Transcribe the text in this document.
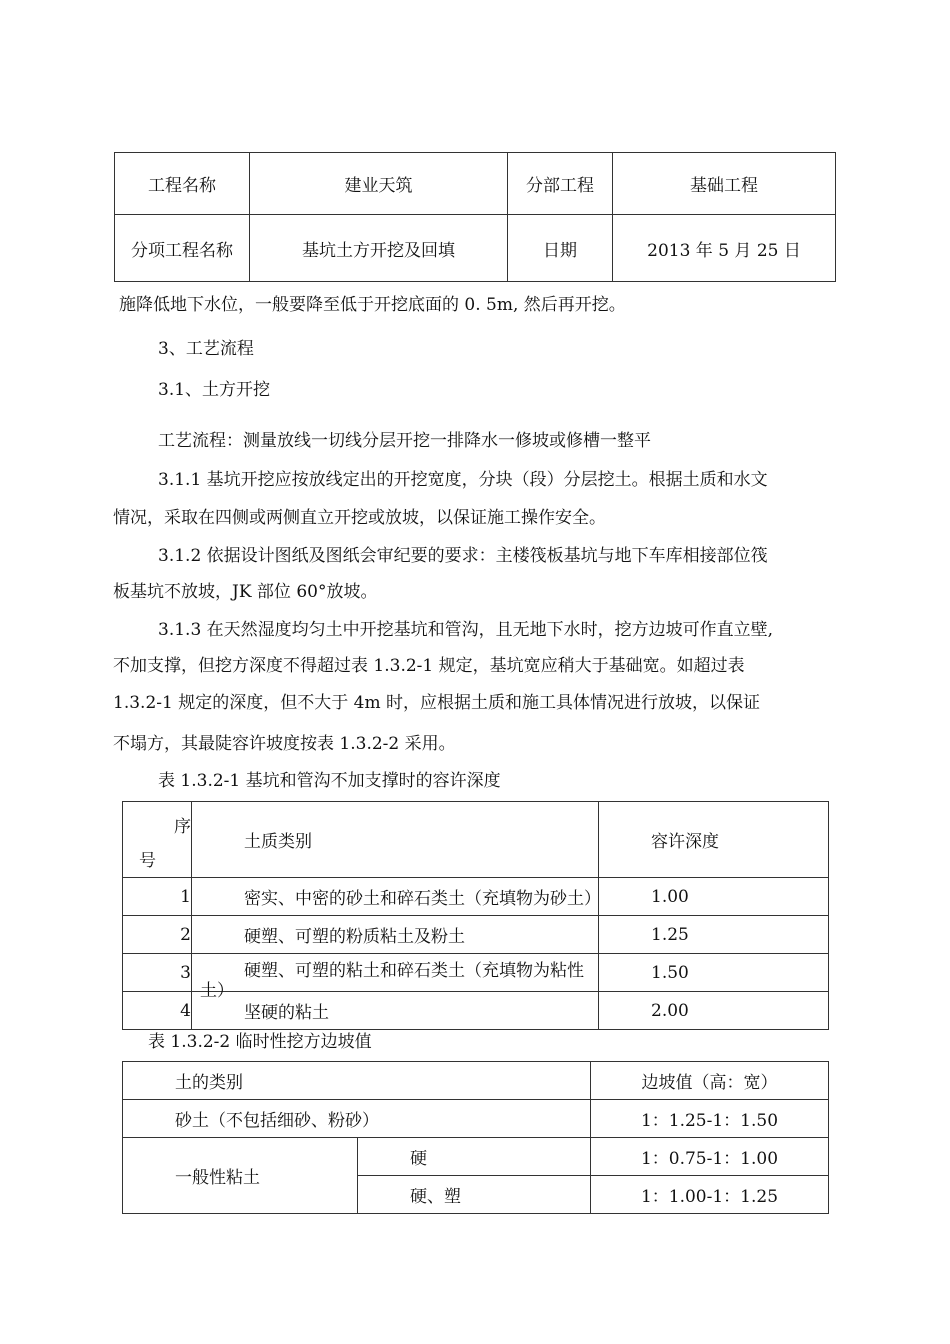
工程名称	建业天筑	分部工程	基础工程
分项工程名称	基坑土方开挖及回填	日期	2013 年 5 月 25 日
施降低地下水位，一般要降至低于开挖底面的 0. 5m, 然后再开挖。
3、工艺流程
3.1、土方开挖
工艺流程：测量放线一切线分层开挖一排降水一修坡或修槽一整平
3.1.1 基坑开挖应按放线定出的开挖宽度，分块（段）分层挖土。根据土质和水文
情况，采取在四侧或两侧直立开挖或放坡，以保证施工操作安全。
3.1.2 依据设计图纸及图纸会审纪要的要求：主楼筏板基坑与地下车库相接部位筏
板基坑不放坡，JK 部位 60°放坡。
3.1.3 在天然湿度均匀土中开挖基坑和管沟，且无地下水时，挖方边坡可作直立壁,
不加支撑，但挖方深度不得超过表 1.3.2-1 规定，基坑宽应稍大于基础宽。如超过表
1.3.2-1 规定的深度，但不大于 4m 时，应根据土质和施工具体情况进行放坡，以保证
不塌方，其最陡容许坡度按表 1.3.2-2 采用。
表 1.3.2-1 基坑和管沟不加支撑时的容许深度
序
号	土质类别	容许深度
1	密实、中密的砂土和碎石类土（充填物为砂土）	1.00
2	硬塑、可塑的粉质粘土及粉土	1.25
3	硬塑、可塑的粘土和碎石类土（充填物为粘性
土）	1.50
4	坚硬的粘土	2.00
表 1.3.2-2 临时性挖方边坡值
土的类别		边坡值（高：宽）
砂土（不包括细砂、粉砂）		1：1.25-1：1.50
一般性粘土	硬	1：0.75-1：1.00
	硬、塑	1：1.00-1：1.25
